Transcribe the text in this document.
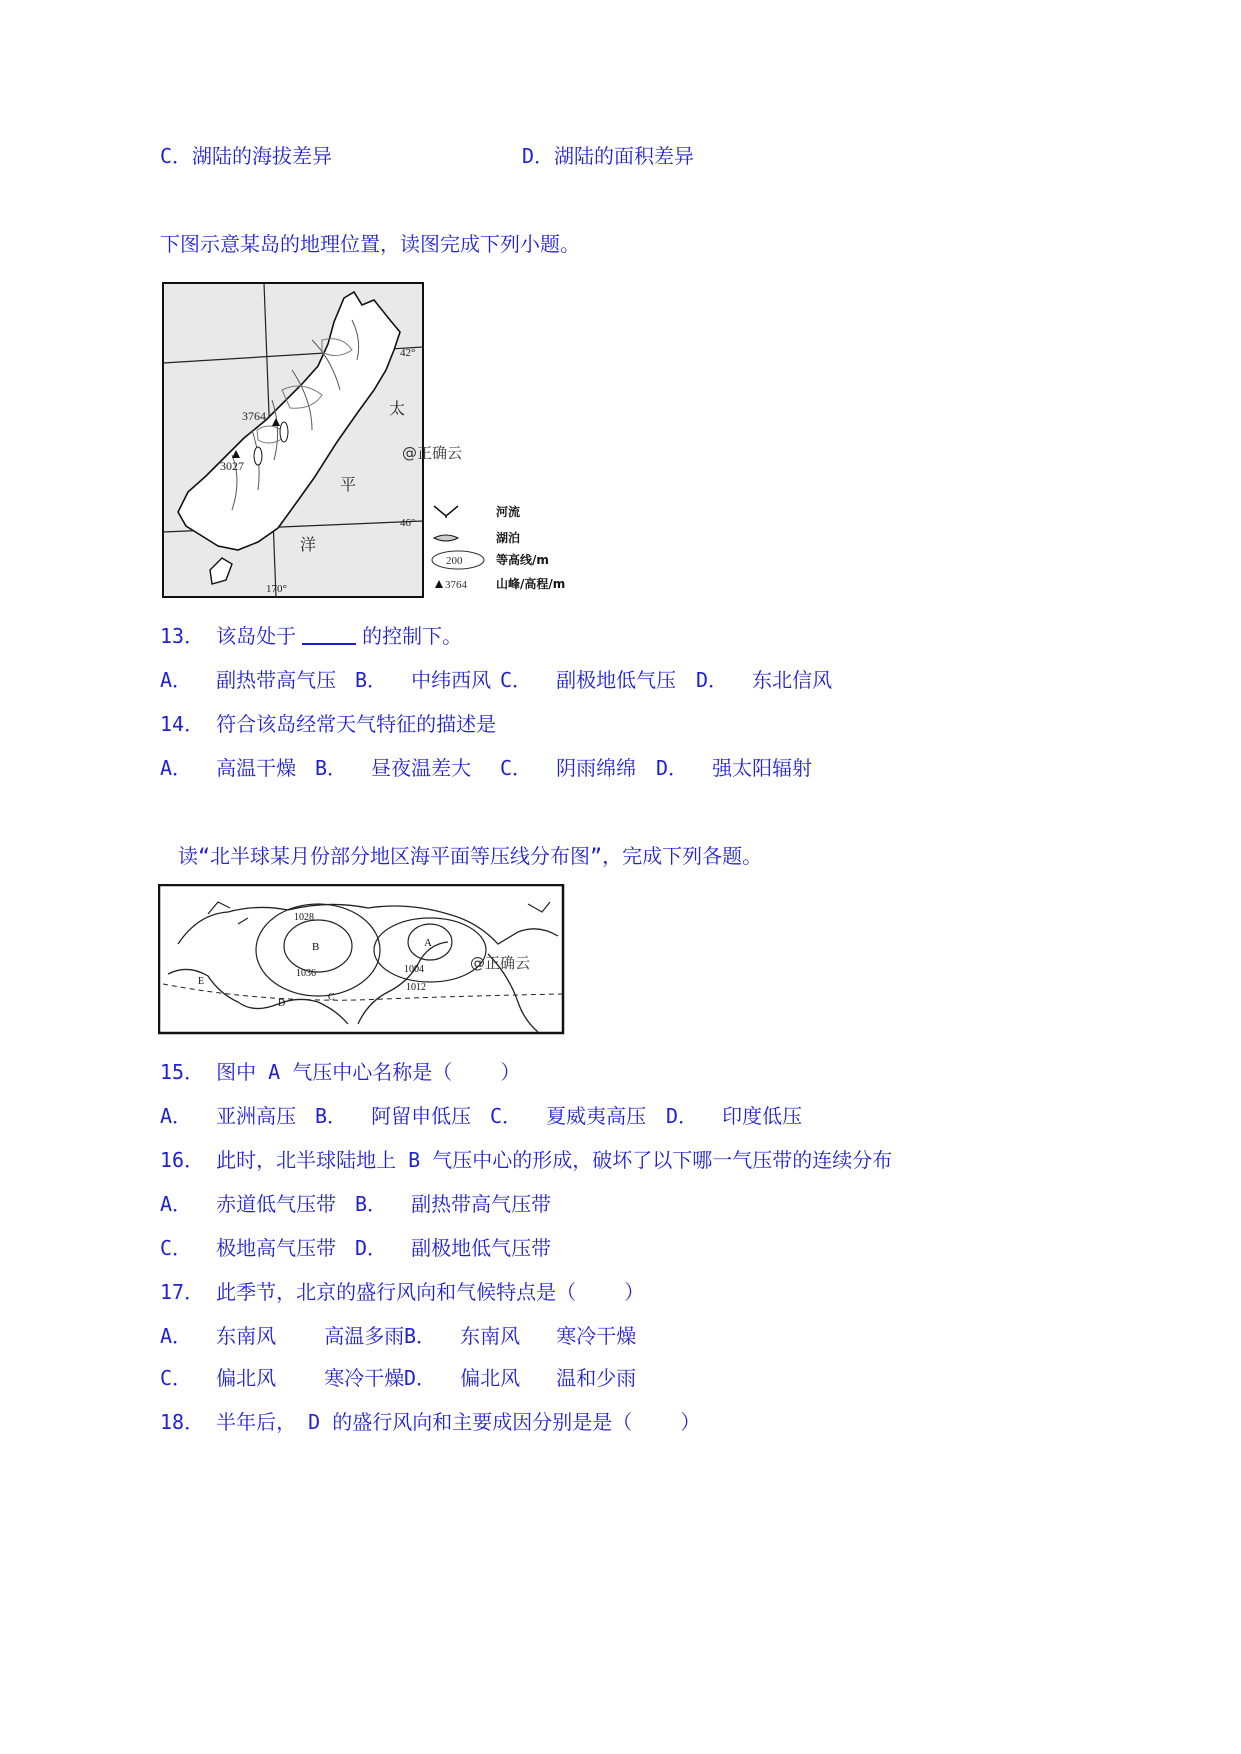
C．湖陆的海拔差异	D．湖陆的面积差异
下图示意某岛的地理位置，读图完成下列小题。
3764
3027
42°
46°
170°
太
平
洋
@正确云
河流
湖泊
200	等高线/m
3764 山峰/高程/m
13． 该岛处于	的控制下。
A．  副热带高气压 B．  中纬西风 C．  副极地低气压 D．  东北信风
14． 符合该岛经常天气特征的描述是
A．  高温干燥 B．  昼夜温差大 C．  阴雨绵绵 D．  强太阳辐射
读“北半球某月份部分地区海平面等压线分布图”，完成下列各题。
1028
1036	1004
1012
A
B
C
D
E
@正确云
15． 图中 A 气压中心名称是（    ）
A．  亚洲高压 B．  阿留申低压 C．  夏威夷高压 D．  印度低压
16． 此时，北半球陆地上 B 气压中心的形成，破坏了以下哪一气压带的连续分布
A．  赤道低气压带 B．  副热带高气压带
C．  极地高气压带 D．  副极地低气压带
17． 此季节，北京的盛行风向和气候特点是（    ）
A．  东南风    高温多雨 B．  东南风   寒冷干燥
C．  偏北风    寒冷干燥 D．  偏北风   温和少雨
18． 半年后， D 的盛行风向和主要成因分别是是（    ）
